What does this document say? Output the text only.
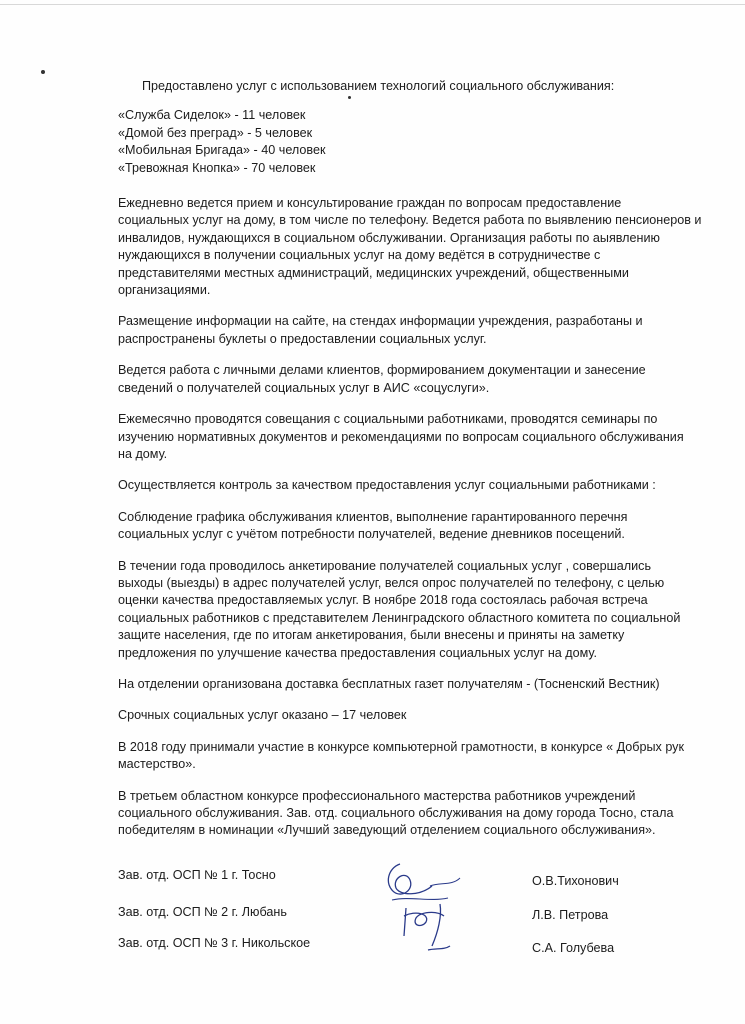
Предоставлено услуг с использованием технологий социального обслуживания:

«Служба Сиделок» - 11 человек
«Домой без преград» - 5 человек
«Мобильная Бригада» - 40 человек
«Тревожная Кнопка» - 70 человек

Ежедневно ведется прием и консультирование граждан по вопросам предоставление
социальных услуг на дому, в том числе по телефону. Ведется работа по выявлению пенсионеров и
инвалидов, нуждающихся в социальном обслуживании. Организация работы по аыявлению
нуждающихся в получении социальных услуг на дому ведётся в сотрудничестве с
представителями местных администраций, медицинских учреждений, общественными
организациями.

Размещение информации на сайте, на стендах информации учреждения, разработаны и
распространены буклеты о предоставлении социальных услуг.

Ведется работа с личными делами клиентов, формированием документации и занесение
сведений о получателей социальных услуг в АИС «соцуслуги».

Ежемесячно проводятся совещания с социальными работниками, проводятся семинары по
изучению нормативных документов и рекомендациями по вопросам социального обслуживания
на дому.

Осуществляется контроль за качеством предоставления услуг социальными работниками :

Соблюдение графика обслуживания клиентов, выполнение гарантированного перечня
социальных услуг с учётом потребности получателей, ведение дневников посещений.

В течении года проводилось анкетирование получателей социальных услуг , совершались
выходы (выезды) в адрес получателей услуг, велся опрос получателей по телефону, с целью
оценки качества предоставляемых услуг. В ноябре 2018 года состоялась рабочая встреча
социальных работников с представителем Ленинградского областного комитета по социальной
защите населения, где по итогам анкетирования, были внесены и приняты на заметку
предложения по улучшение качества предоставления социальных услуг на дому.

На отделении организована доставка бесплатных газет получателям - (Тосненский Вестник)

Срочных социальных услуг оказано – 17 человек

В 2018 году принимали участие в конкурсе компьютерной грамотности, в конкурсе « Добрых рук
мастерство».

В третьем областном конкурсе профессионального мастерства работников учреждений
социального обслуживания. Зав. отд. социального обслуживания на дому города Тосно, стала
победителям в номинации «Лучший заведующий отделением социального обслуживания».

Зав. отд. ОСП № 1 г. Тосно	О.В.Тихонович
Зав. отд. ОСП № 2 г. Любань	Л.В. Петрова
Зав. отд. ОСП № 3 г. Никольское	С.А. Голубева
